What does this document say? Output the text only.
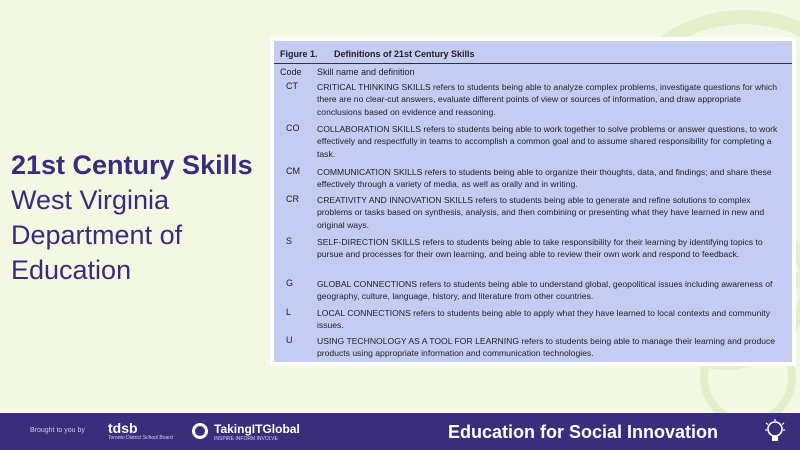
21st Century Skills
West Virginia Department of Education
Figure 1. Definitions of 21st Century Skills
Code Skill name and definition
CT	CRITICAL THINKING SKILLS refers to students being able to analyze complex problems, investigate questions for which there are no clear-cut answers, evaluate different points of view or sources of information, and draw appropriate conclusions based on evidence and reasoning.
CO	COLLABORATION SKILLS refers to students being able to work together to solve problems or answer questions, to work effectively and respectfully in teams to accomplish a common goal and to assume shared responsibility for completing a task.
CM	COMMUNICATION SKILLS refers to students being able to organize their thoughts, data, and findings; and share these effectively through a variety of media, as well as orally and in writing.
CR	CREATIVITY AND INNOVATION SKILLS refers to students being able to generate and refine solutions to complex problems or tasks based on synthesis, analysis, and then combining or presenting what they have learned in new and original ways.
S	SELF-DIRECTION SKILLS refers to students being able to take responsibility for their learning by identifying topics to pursue and processes for their own learning, and being able to review their own work and respond to feedback.
G	GLOBAL CONNECTIONS refers to students being able to understand global, geopolitical issues including awareness of geography, culture, language, history, and literature from other countries.
L	LOCAL CONNECTIONS refers to students being able to apply what they have learned to local contexts and community issues.
U	USING TECHNOLOGY AS A TOOL FOR LEARNING refers to students being able to manage their learning and produce products using appropriate information and communication technologies.
Brought to you by tdsb
Toronto District School Board
TakingITGlobal
INSPIRE INFORM INVOLVE	Education for Social Innovation
